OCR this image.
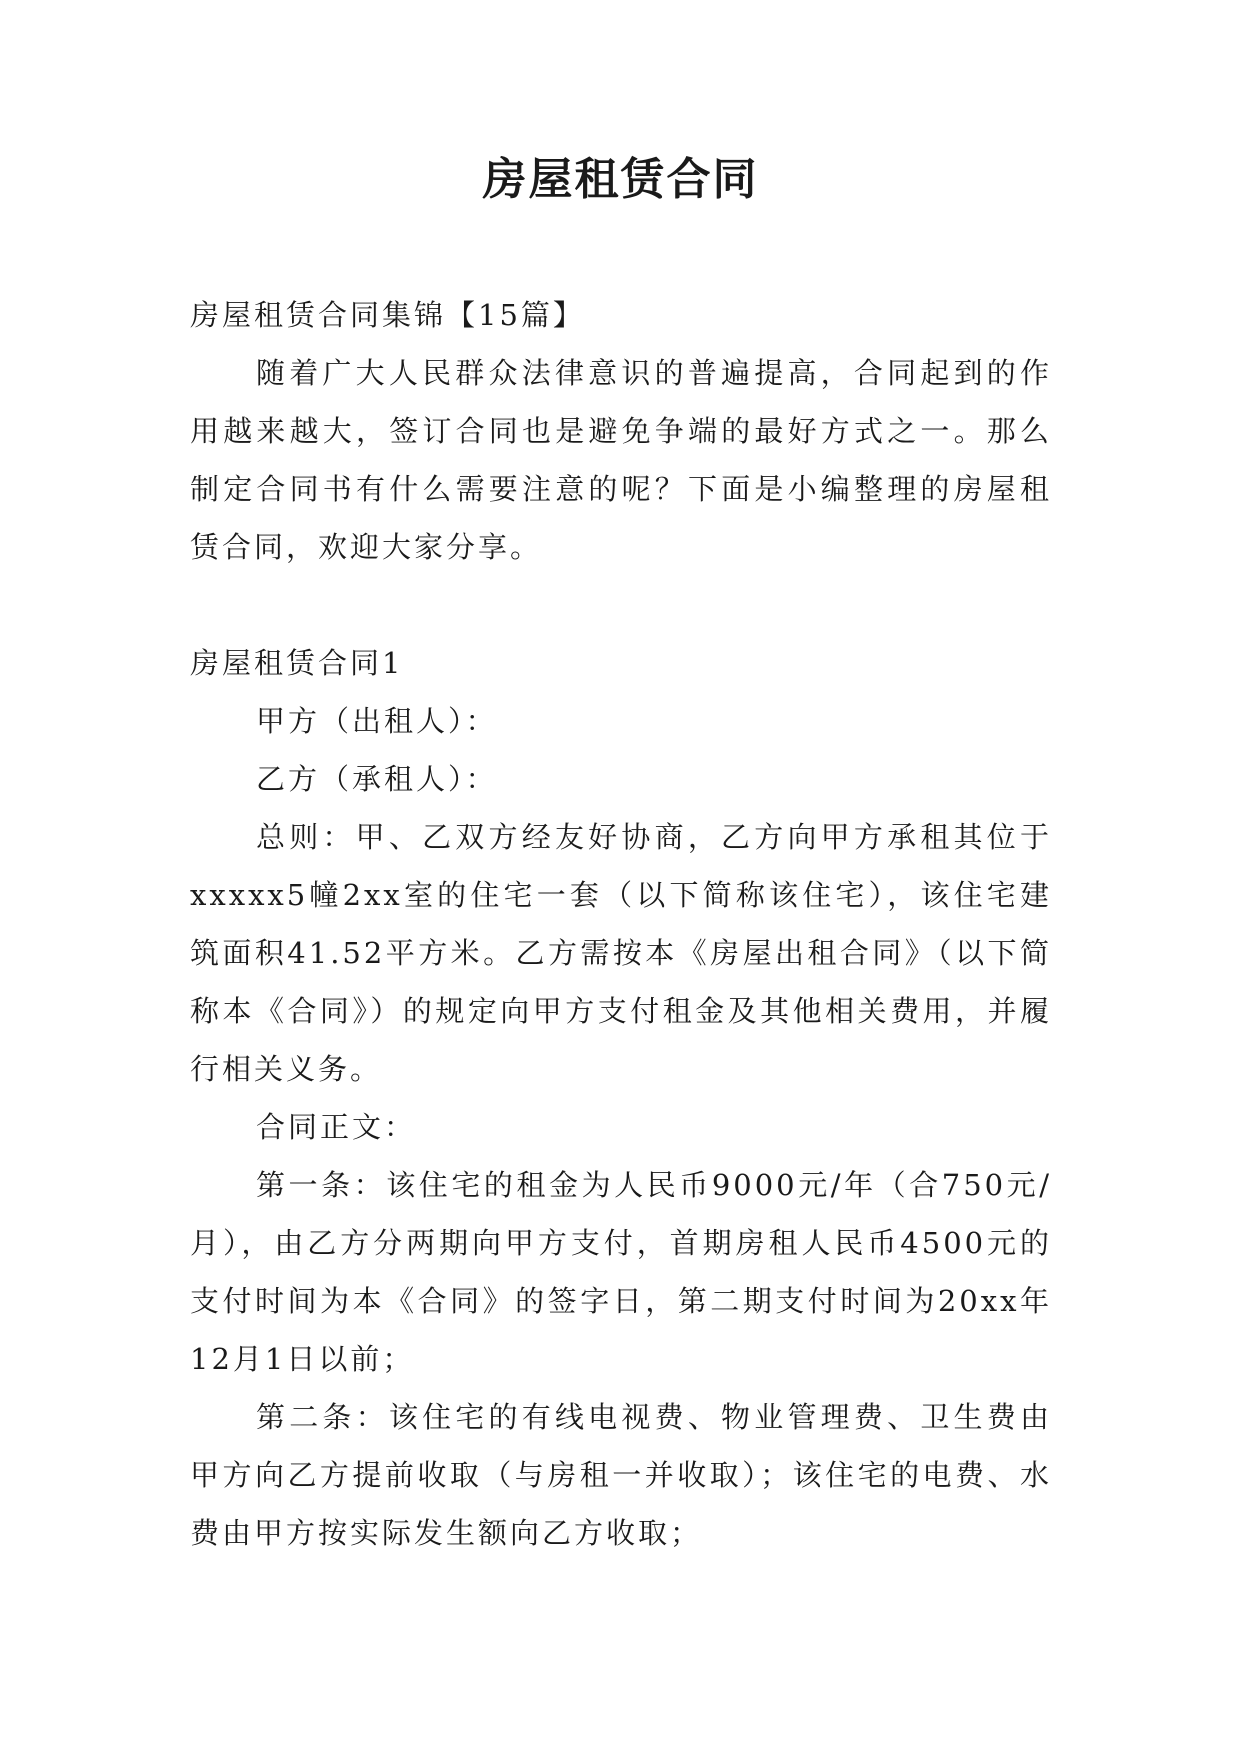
房屋租赁合同

房屋租赁合同集锦【15篇】

随着广大人民群众法律意识的普遍提高，合同起到的作用越来越大，签订合同也是避免争端的最好方式之一。那么制定合同书有什么需要注意的呢？下面是小编整理的房屋租赁合同，欢迎大家分享。

房屋租赁合同1

甲方（出租人）：

乙方（承租人）：

总则：甲、乙双方经友好协商，乙方向甲方承租其位于xxxxx5幢2xx室的住宅一套（以下简称该住宅），该住宅建筑面积41.52平方米。乙方需按本《房屋出租合同》（以下简称本《合同》）的规定向甲方支付租金及其他相关费用，并履行相关义务。

合同正文：

第一条：该住宅的租金为人民币9000元/年（合750元/月），由乙方分两期向甲方支付，首期房租人民币4500元的支付时间为本《合同》的签字日，第二期支付时间为20xx年12月1日以前；

第二条：该住宅的有线电视费、物业管理费、卫生费由甲方向乙方提前收取（与房租一并收取）；该住宅的电费、水费由甲方按实际发生额向乙方收取；
